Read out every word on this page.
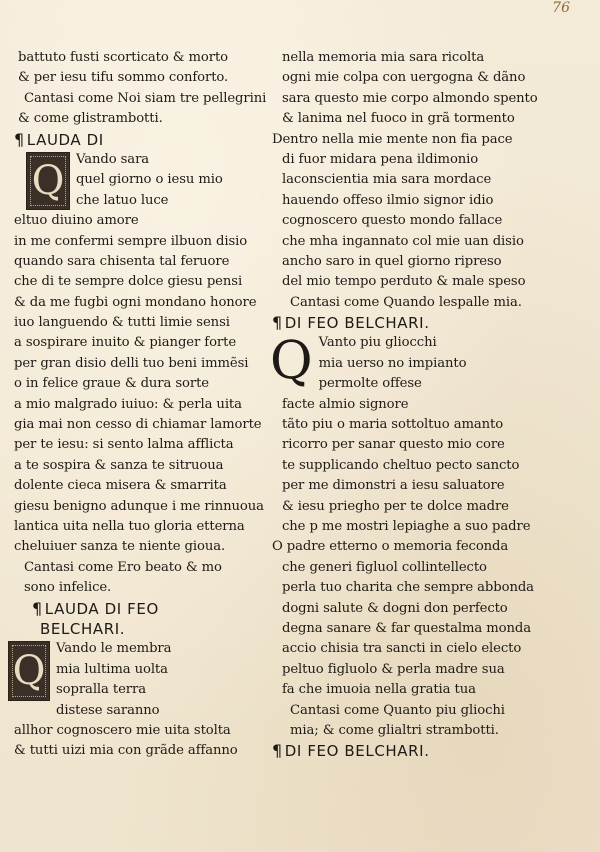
76
battuto fusti scorticato & morto
& per iesu tifu sommo conforto.
Cantasi come Noi siam tre pellegrini
& come glistrambotti.
¶ LAUDA DI
Q Vando sara
quel giorno o iesu mio
che latuo luce
eltuo diuino amore
in me confermi sempre ilbuon disio
quando sara chisenta tal feruore
che di te sempre dolce giesu pensi
& da me fugbi ogni mondano honore
iuo languendo & tutti limie sensi
a sospirare inuito & pianger forte
per gran disio delli tuo beni immẽsi
o in felice graue & dura sorte
a mio malgrado iuiuo: & perla uita
gia mai non cesso di chiamar lamorte
per te iesu: si sento lalma afflicta
a te sospira & sanza te sitruoua
dolente cieca misera & smarrita
giesu benigno adunque i me rinnuoua
lantica uita nella tuo gloria etterna
cheluiuer sanza te niente gioua.
Cantasi come Ero beato & mo
sono infelice.
¶ LAUDA DI FEO
BELCHARI.
Q Vando le membra
mia lultima uolta
sopralla terra
distese saranno
allhor cognoscero mie uita stolta
& tutti uizi mia con grãde affanno
nella memoria mia sara ricolta
ogni mie colpa con uergogna & dãno
sara questo mie corpo almondo spento
& lanima nel fuoco in grã tormento
Dentro nella mie mente non fia pace
di fuor midara pena ildimonio
laconscientia mia sara mordace
hauendo offeso ilmio signor idio
cognoscero questo mondo fallace
che mha ingannato col mie uan disio
ancho saro in quel giorno ripreso
del mio tempo perduto & male speso
Cantasi come Quando lespalle mia.
¶ DI FEO BELCHARI.
Q Vanto piu gliocchi
mia uerso no impianto
permolte offese
facte almio signore
tãto piu o maria sottoltuo amanto
ricorro per sanar questo mio core
te supplicando cheltuo pecto sancto
per me dimonstri a iesu saluatore
& iesu priegho per te dolce madre
che p me mostri lepiaghe a suo padre
O padre etterno o memoria feconda
che generi figluol collintellecto
perla tuo charita che sempre abbonda
dogni salute & dogni don perfecto
degna sanare & far questalma monda
accio chisia tra sancti in cielo electo
peltuo figluolo & perla madre sua
fa che imuoia nella gratia tua
Cantasi come Quanto piu gliochi
mia; & come glialtri strambotti.
¶ DI FEO BELCHARI.
